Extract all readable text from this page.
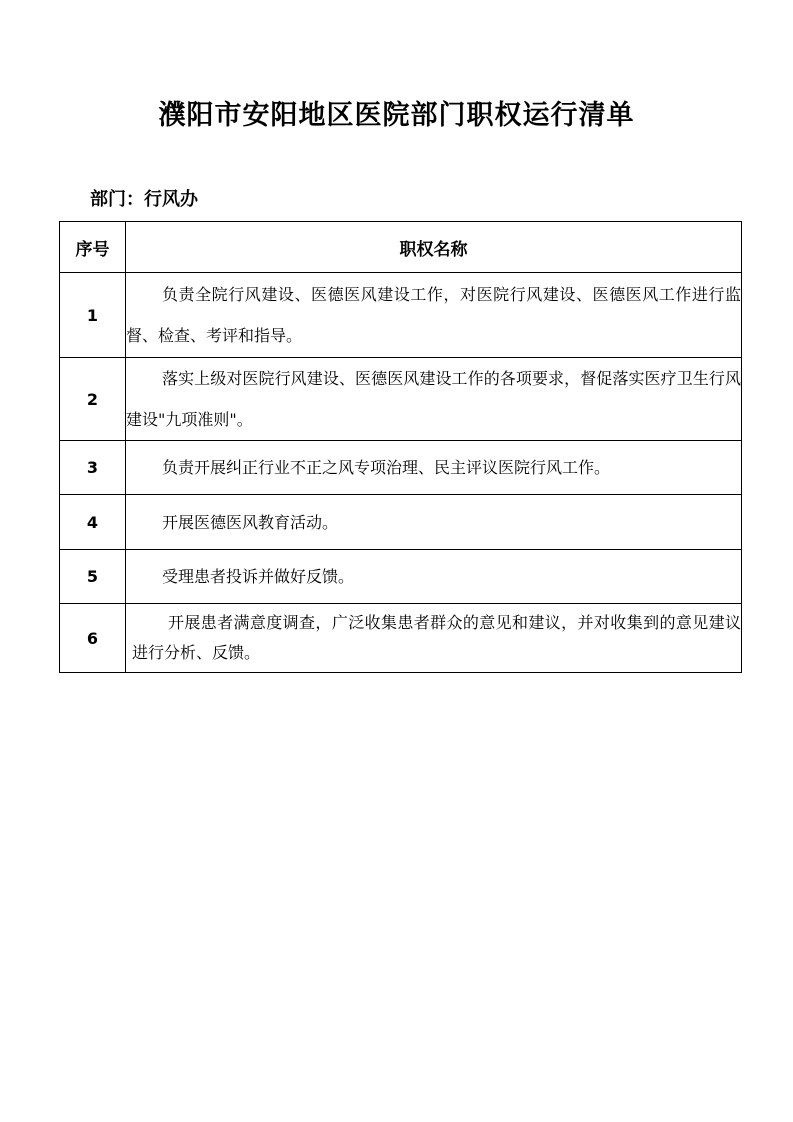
濮阳市安阳地区医院部门职权运行清单
部门：行风办
序号	职权名称
1	负责全院行风建设、医德医风建设工作，对医院行风建设、医德医风工作进行监督、检查、考评和指导。
2	落实上级对医院行风建设、医德医风建设工作的各项要求，督促落实医疗卫生行风建设"九项准则"。
3	负责开展纠正行业不正之风专项治理、民主评议医院行风工作。
4	开展医德医风教育活动。
5	受理患者投诉并做好反馈。
6	开展患者满意度调查，广泛收集患者群众的意见和建议，并对收集到的意见建议进行分析、反馈。
